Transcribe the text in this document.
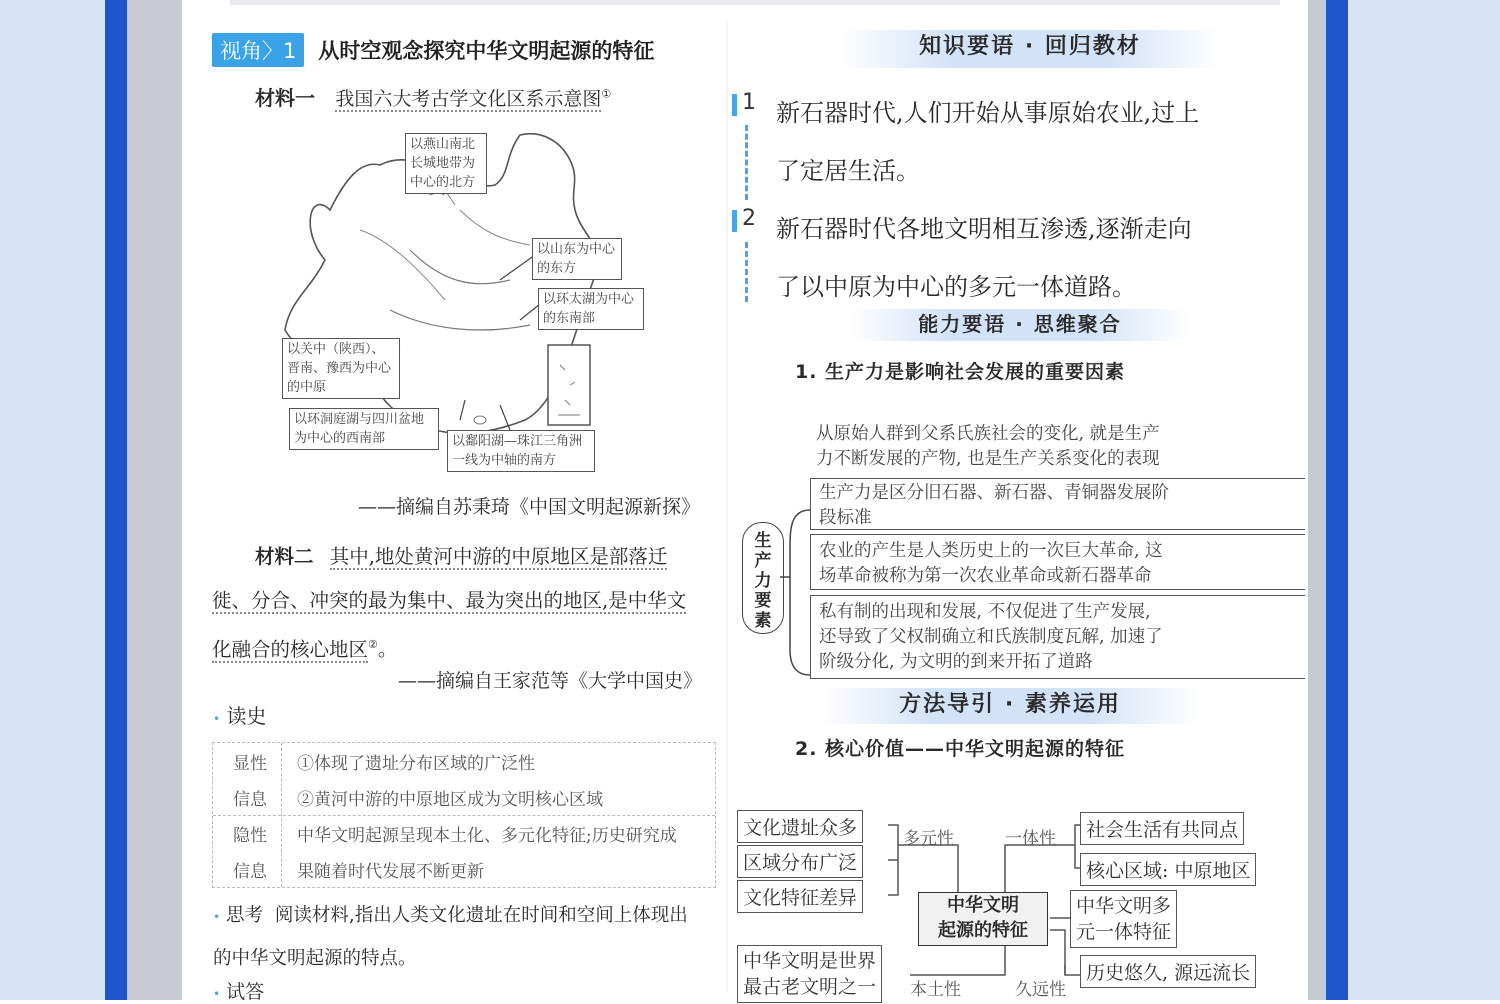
视角〉1	从时空观念探究中华文明起源的特征
材料一 我国六大考古学文化区系示意图①
以燕山南北长城地带为中心的北方
以山东为中心的东方
以环太湖为中心的东南部
以关中（陕西）、晋南、豫西为中心的中原
以环洞庭湖与四川盆地为中心的西南部	以鄱阳湖—珠江三角洲一线为中轴的南方
——摘编自苏秉琦《中国文明起源新探》
材料二 其中,地处黄河中游的中原地区是部落迁
徙、分合、冲突的最为集中、最为突出的地区,是中华文
化融合的核心地区②。
——摘编自王家范等《大学中国史》
• 读史
显性 ①体现了遗址分布区域的广泛性
信息 ②黄河中游的中原地区成为文明核心区域
隐性 中华文明起源呈现本土化、多元化特征;历史研究成
信息 果随着时代发展不断更新
• 思考 阅读材料,指出人类文化遗址在时间和空间上体现出
的中华文明起源的特点。
• 试答
知识要语 · 回归教材
1 新石器时代,人们开始从事原始农业,过上
了定居生活。
2 新石器时代各地文明相互渗透,逐渐走向
了以中原为中心的多元一体道路。
能力要语 · 思维聚合
1. 生产力是影响社会发展的重要因素
从原始人群到父系氏族社会的变化, 就是生产
力不断发展的产物, 也是生产关系变化的表现
生产力要素
生产力是区分旧石器、新石器、青铜器发展阶
段标准
农业的产生是人类历史上的一次巨大革命, 这
场革命被称为第一次农业革命或新石器革命
私有制的出现和发展, 不仅促进了生产发展,
还导致了父权制确立和氏族制度瓦解, 加速了
阶级分化, 为文明的到来开拓了道路
方法导引 · 素养运用
2. 核心价值——中华文明起源的特征
文化遗址众多
区域分布广泛
文化特征差异
多元性
中华文明
起源的特征
一体性	社会生活有共同点
核心区域: 中原地区
中华文明多
元一体特征
中华文明是世界
最古老文明之一 本土性	久远性
历史悠久, 源远流长
